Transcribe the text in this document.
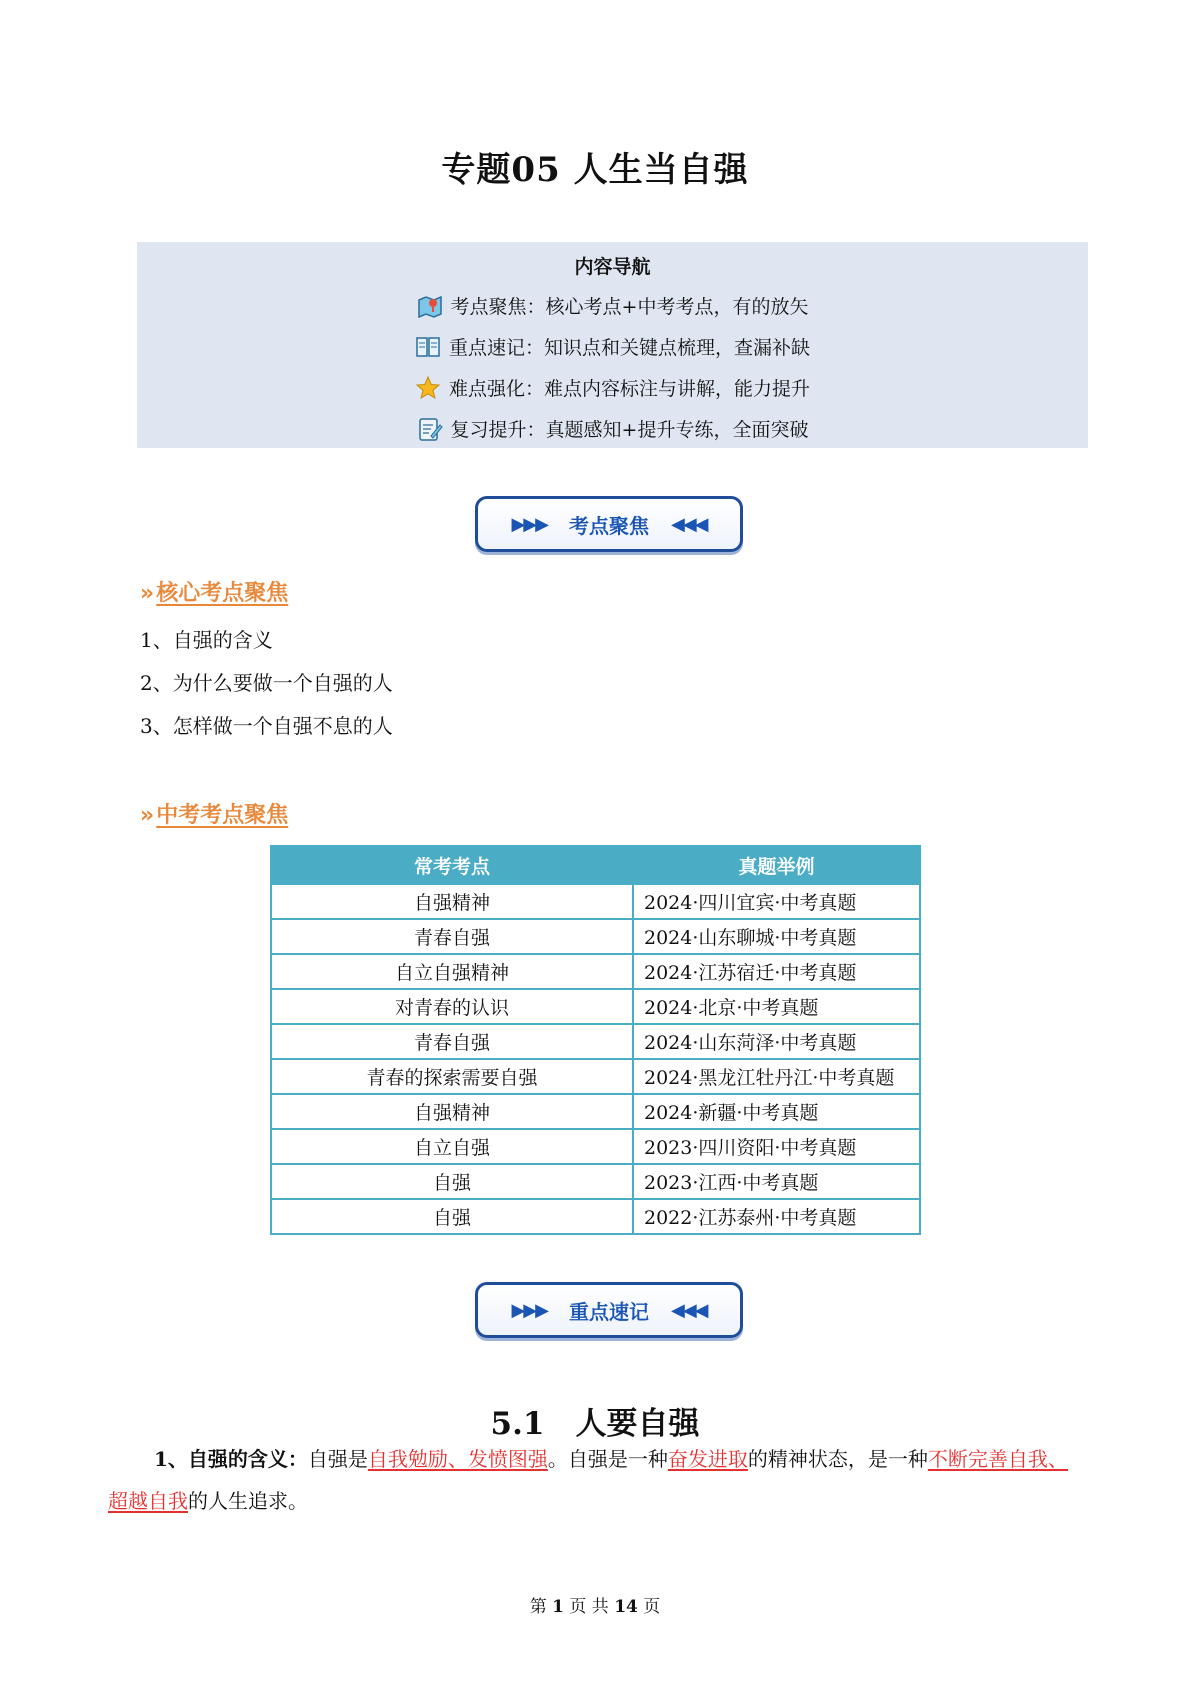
专题05 人生当自强
内容导航
考点聚焦：核心考点+中考考点，有的放矢
重点速记：知识点和关键点梳理，查漏补缺
难点强化：难点内容标注与讲解，能力提升
复习提升：真题感知+提升专练，全面突破
▶▶▶ 考点聚焦 ◀◀◀
»核心考点聚焦
1、自强的含义
2、为什么要做一个自强的人
3、怎样做一个自强不息的人
»中考考点聚焦
常考考点	真题举例
自强精神	2024·四川宜宾·中考真题
青春自强	2024·山东聊城·中考真题
自立自强精神	2024·江苏宿迁·中考真题
对青春的认识	2024·北京·中考真题
青春自强	2024·山东菏泽·中考真题
青春的探索需要自强	2024·黑龙江牡丹江·中考真题
自强精神	2024·新疆·中考真题
自立自强	2023·四川资阳·中考真题
自强	2023·江西·中考真题
自强	2022·江苏泰州·中考真题
▶▶▶ 重点速记 ◀◀◀
5.1　人要自强
1、自强的含义：自强是自我勉励、发愤图强。自强是一种奋发进取的精神状态，是一种不断完善自我、超越自我的人生追求。
第 1 页 共 14 页
